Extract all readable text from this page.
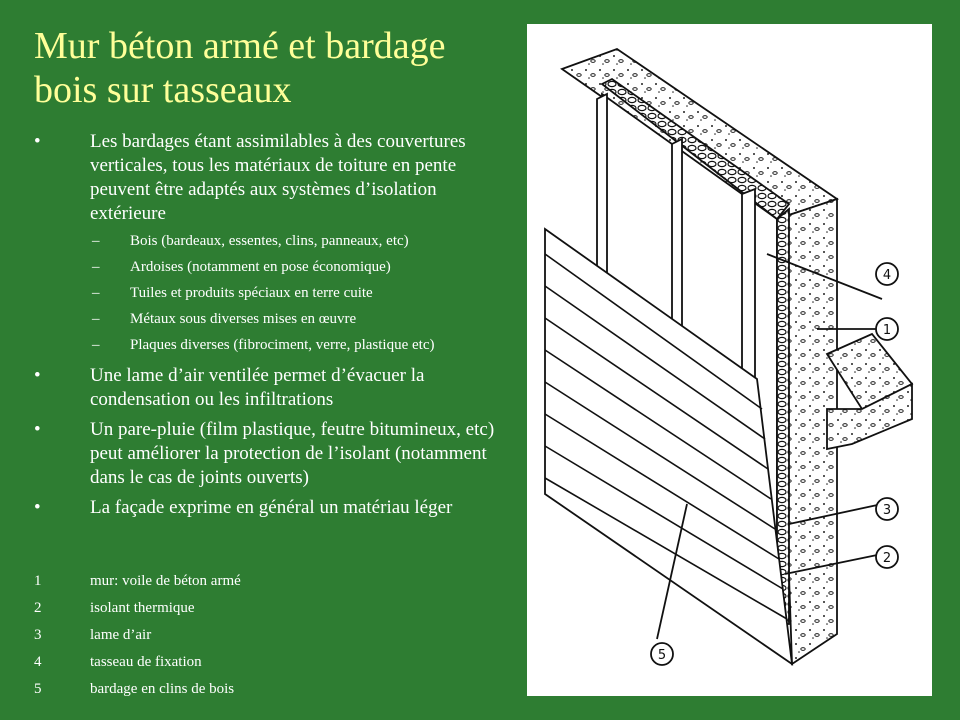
Mur béton armé et bardage bois sur tasseaux
• Les bardages étant assimilables à des couvertures verticales, tous les matériaux de toiture en pente peuvent être adaptés aux systèmes d’isolation extérieure
– Bois (bardeaux, essentes, clins, panneaux, etc)
– Ardoises (notamment en pose économique)
– Tuiles et produits spéciaux en terre cuite
– Métaux sous diverses mises en œuvre
– Plaques diverses (fibrociment, verre, plastique etc)
• Une lame d’air ventilée permet d’évacuer la condensation ou les infiltrations
• Un pare-pluie (film plastique, feutre bitumineux, etc) peut améliorer la protection de l’isolant (notamment dans le cas de joints ouverts)
• La façade exprime en général un matériau léger
1	mur: voile de béton armé
2	isolant thermique
3	lame d’air
4	tasseau de fixation
5	bardage en clins de bois
4
1
3
2
5
